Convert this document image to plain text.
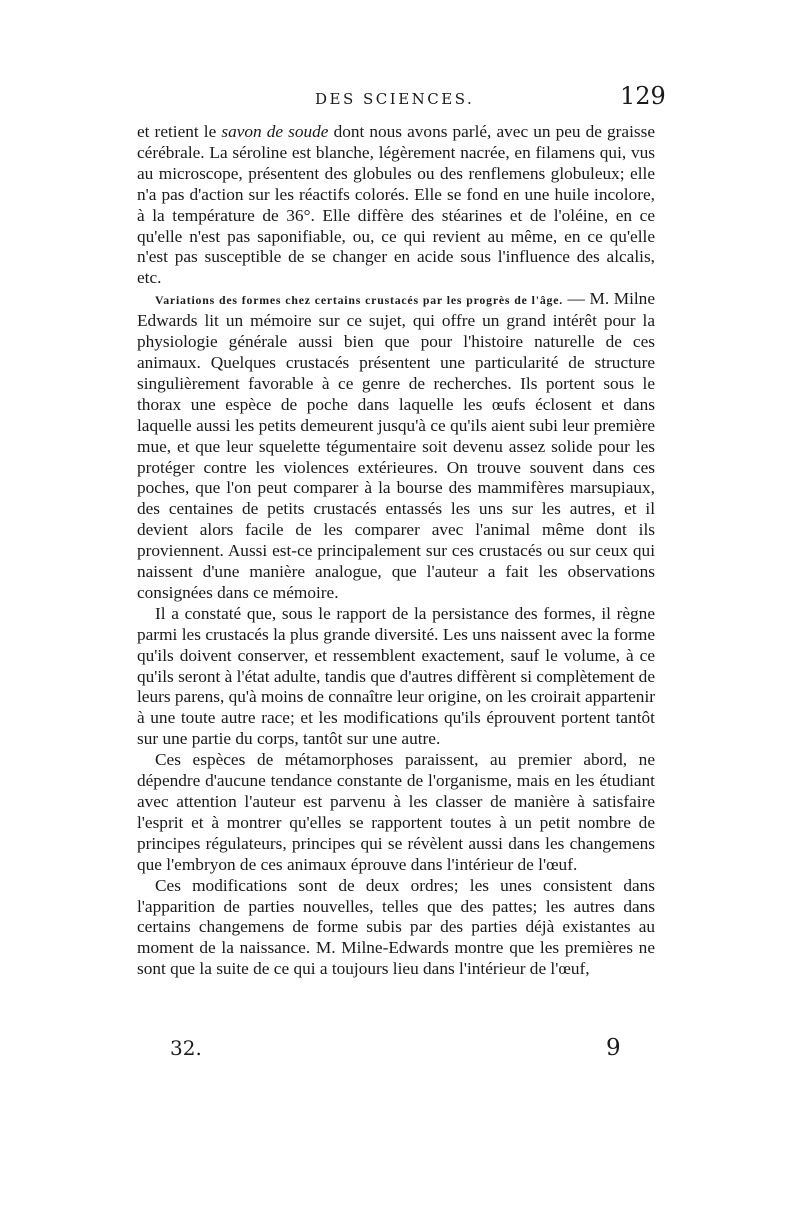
DES SCIENCES.	129

et retient le savon de soude dont nous avons parlé, avec un peu de graisse cérébrale. La séroline est blanche, légèrement nacrée, en filamens qui, vus au microscope, présentent des globules ou des renflemens globuleux; elle n'a pas d'action sur les réactifs colorés. Elle se fond en une huile incolore, à la température de 36°. Elle diffère des stéarines et de l'oléine, en ce qu'elle n'est pas saponifiable, ou, ce qui revient au même, en ce qu'elle n'est pas susceptible de se changer en acide sous l'influence des alcalis, etc.

Variations des formes chez certains crustacés par les progrès de l'âge. — M. Milne Edwards lit un mémoire sur ce sujet, qui offre un grand intérêt pour la physiologie générale aussi bien que pour l'histoire naturelle de ces animaux. Quelques crustacés présentent une particularité de structure singulièrement favorable à ce genre de recherches. Ils portent sous le thorax une espèce de poche dans laquelle les œufs éclosent et dans laquelle aussi les petits demeurent jusqu'à ce qu'ils aient subi leur première mue, et que leur squelette tégumentaire soit devenu assez solide pour les protéger contre les violences extérieures. On trouve souvent dans ces poches, que l'on peut comparer à la bourse des mammifères marsupiaux, des centaines de petits crustacés entassés les uns sur les autres, et il devient alors facile de les comparer avec l'animal même dont ils proviennent. Aussi est-ce principalement sur ces crustacés ou sur ceux qui naissent d'une manière analogue, que l'auteur a fait les observations consignées dans ce mémoire.

Il a constaté que, sous le rapport de la persistance des formes, il règne parmi les crustacés la plus grande diversité. Les uns naissent avec la forme qu'ils doivent conserver, et ressemblent exactement, sauf le volume, à ce qu'ils seront à l'état adulte, tandis que d'autres diffèrent si complètement de leurs parens, qu'à moins de connaître leur origine, on les croirait appartenir à une toute autre race; et les modifications qu'ils éprouvent portent tantôt sur une partie du corps, tantôt sur une autre.

Ces espèces de métamorphoses paraissent, au premier abord, ne dépendre d'aucune tendance constante de l'organisme, mais en les étudiant avec attention l'auteur est parvenu à les classer de manière à satisfaire l'esprit et à montrer qu'elles se rapportent toutes à un petit nombre de principes régulateurs, principes qui se révèlent aussi dans les changemens que l'embryon de ces animaux éprouve dans l'intérieur de l'œuf.

Ces modifications sont de deux ordres; les unes consistent dans l'apparition de parties nouvelles, telles que des pattes; les autres dans certains changemens de forme subis par des parties déjà existantes au moment de la naissance. M. Milne-Edwards montre que les premières ne sont que la suite de ce qui a toujours lieu dans l'intérieur de l'œuf,

32.	9
